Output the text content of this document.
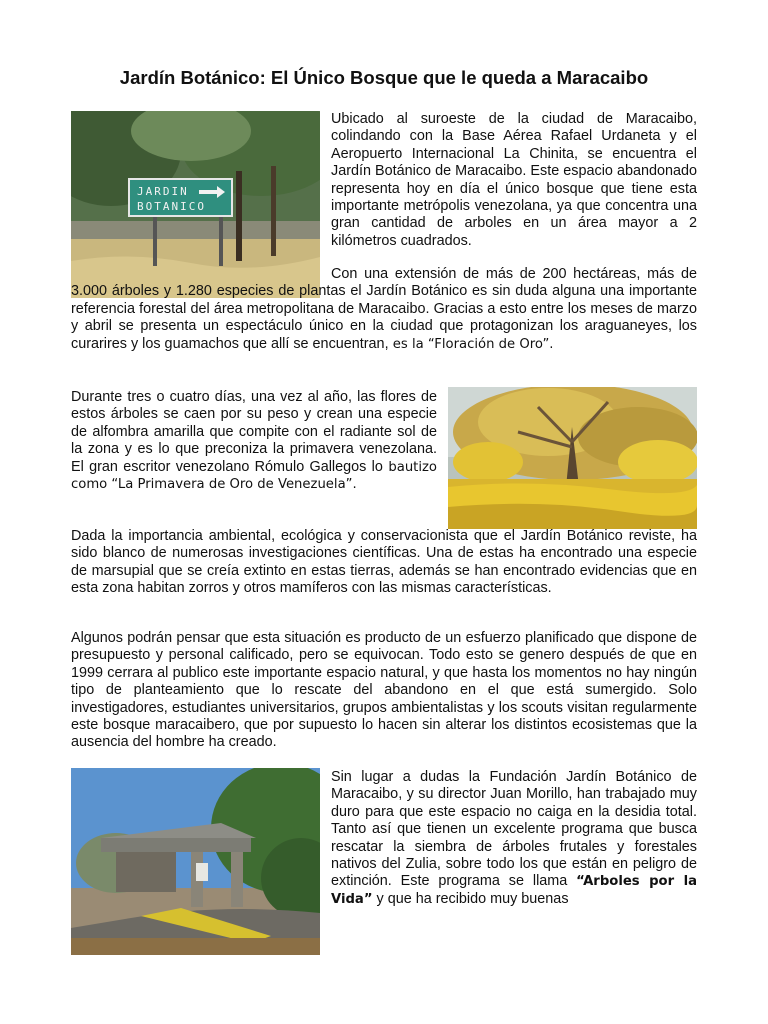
Jardín Botánico: El Único Bosque que le queda a Maracaibo
JARDIN
BOTANICO

Ubicado al suroeste de la ciudad de Maracaibo, colindando con la Base Aérea Rafael Urdaneta y el Aeropuerto Internacional La Chinita, se encuentra el Jardín Botánico de Maracaibo. Este espacio abandonado representa hoy en día el único bosque que tiene esta importante metrópolis venezolana, ya que concentra una gran cantidad de arboles en un área mayor a 2 kilómetros cuadrados.

Con una extensión de más de 200 hectáreas, más de 3.000 árboles y 1.280 especies de plantas el Jardín Botánico es sin duda alguna una importante referencia forestal del área metropolitana de Maracaibo. Gracias a esto entre los meses de marzo y abril se presenta un espectáculo único en la ciudad que protagonizan los araguaneyes, los curarires y los guamachos que allí se encuentran, es la “Floración de Oro”.

Durante tres o cuatro días, una vez al año, las flores de estos árboles se caen por su peso y crean una especie de alfombra amarilla que compite con el radiante sol de la zona y es lo que preconiza la primavera venezolana. El gran escritor venezolano Rómulo Gallegos lo bautizo como “La Primavera de Oro de Venezuela”.

Dada la importancia ambiental, ecológica y conservacionista que el Jardín Botánico reviste, ha sido blanco de numerosas investigaciones científicas. Una de estas ha encontrado una especie de marsupial que se creía extinto en estas tierras, además se han encontrado evidencias que en esta zona habitan zorros y otros mamíferos con las mismas características.

Algunos podrán pensar que esta situación es producto de un esfuerzo planificado que dispone de presupuesto y personal calificado, pero se equivocan. Todo esto se genero después de que en 1999 cerrara al publico este importante espacio natural, y que hasta los momentos no hay ningún tipo de planteamiento que lo rescate del abandono en el que está sumergido. Solo investigadores, estudiantes universitarios, grupos ambientalistas y los scouts visitan regularmente este bosque maracaibero, que por supuesto lo hacen sin alterar los distintos ecosistemas que la ausencia del hombre ha creado.

Sin lugar a dudas la Fundación Jardín Botánico de Maracaibo, y su director Juan Morillo, han trabajado muy duro para que este espacio no caiga en la desidia total. Tanto así que tienen un excelente programa que busca rescatar la siembra de árboles frutales y forestales nativos del Zulia, sobre todo los que están en peligro de extinción. Este programa se llama “Arboles por la Vida” y que ha recibido muy buenas
